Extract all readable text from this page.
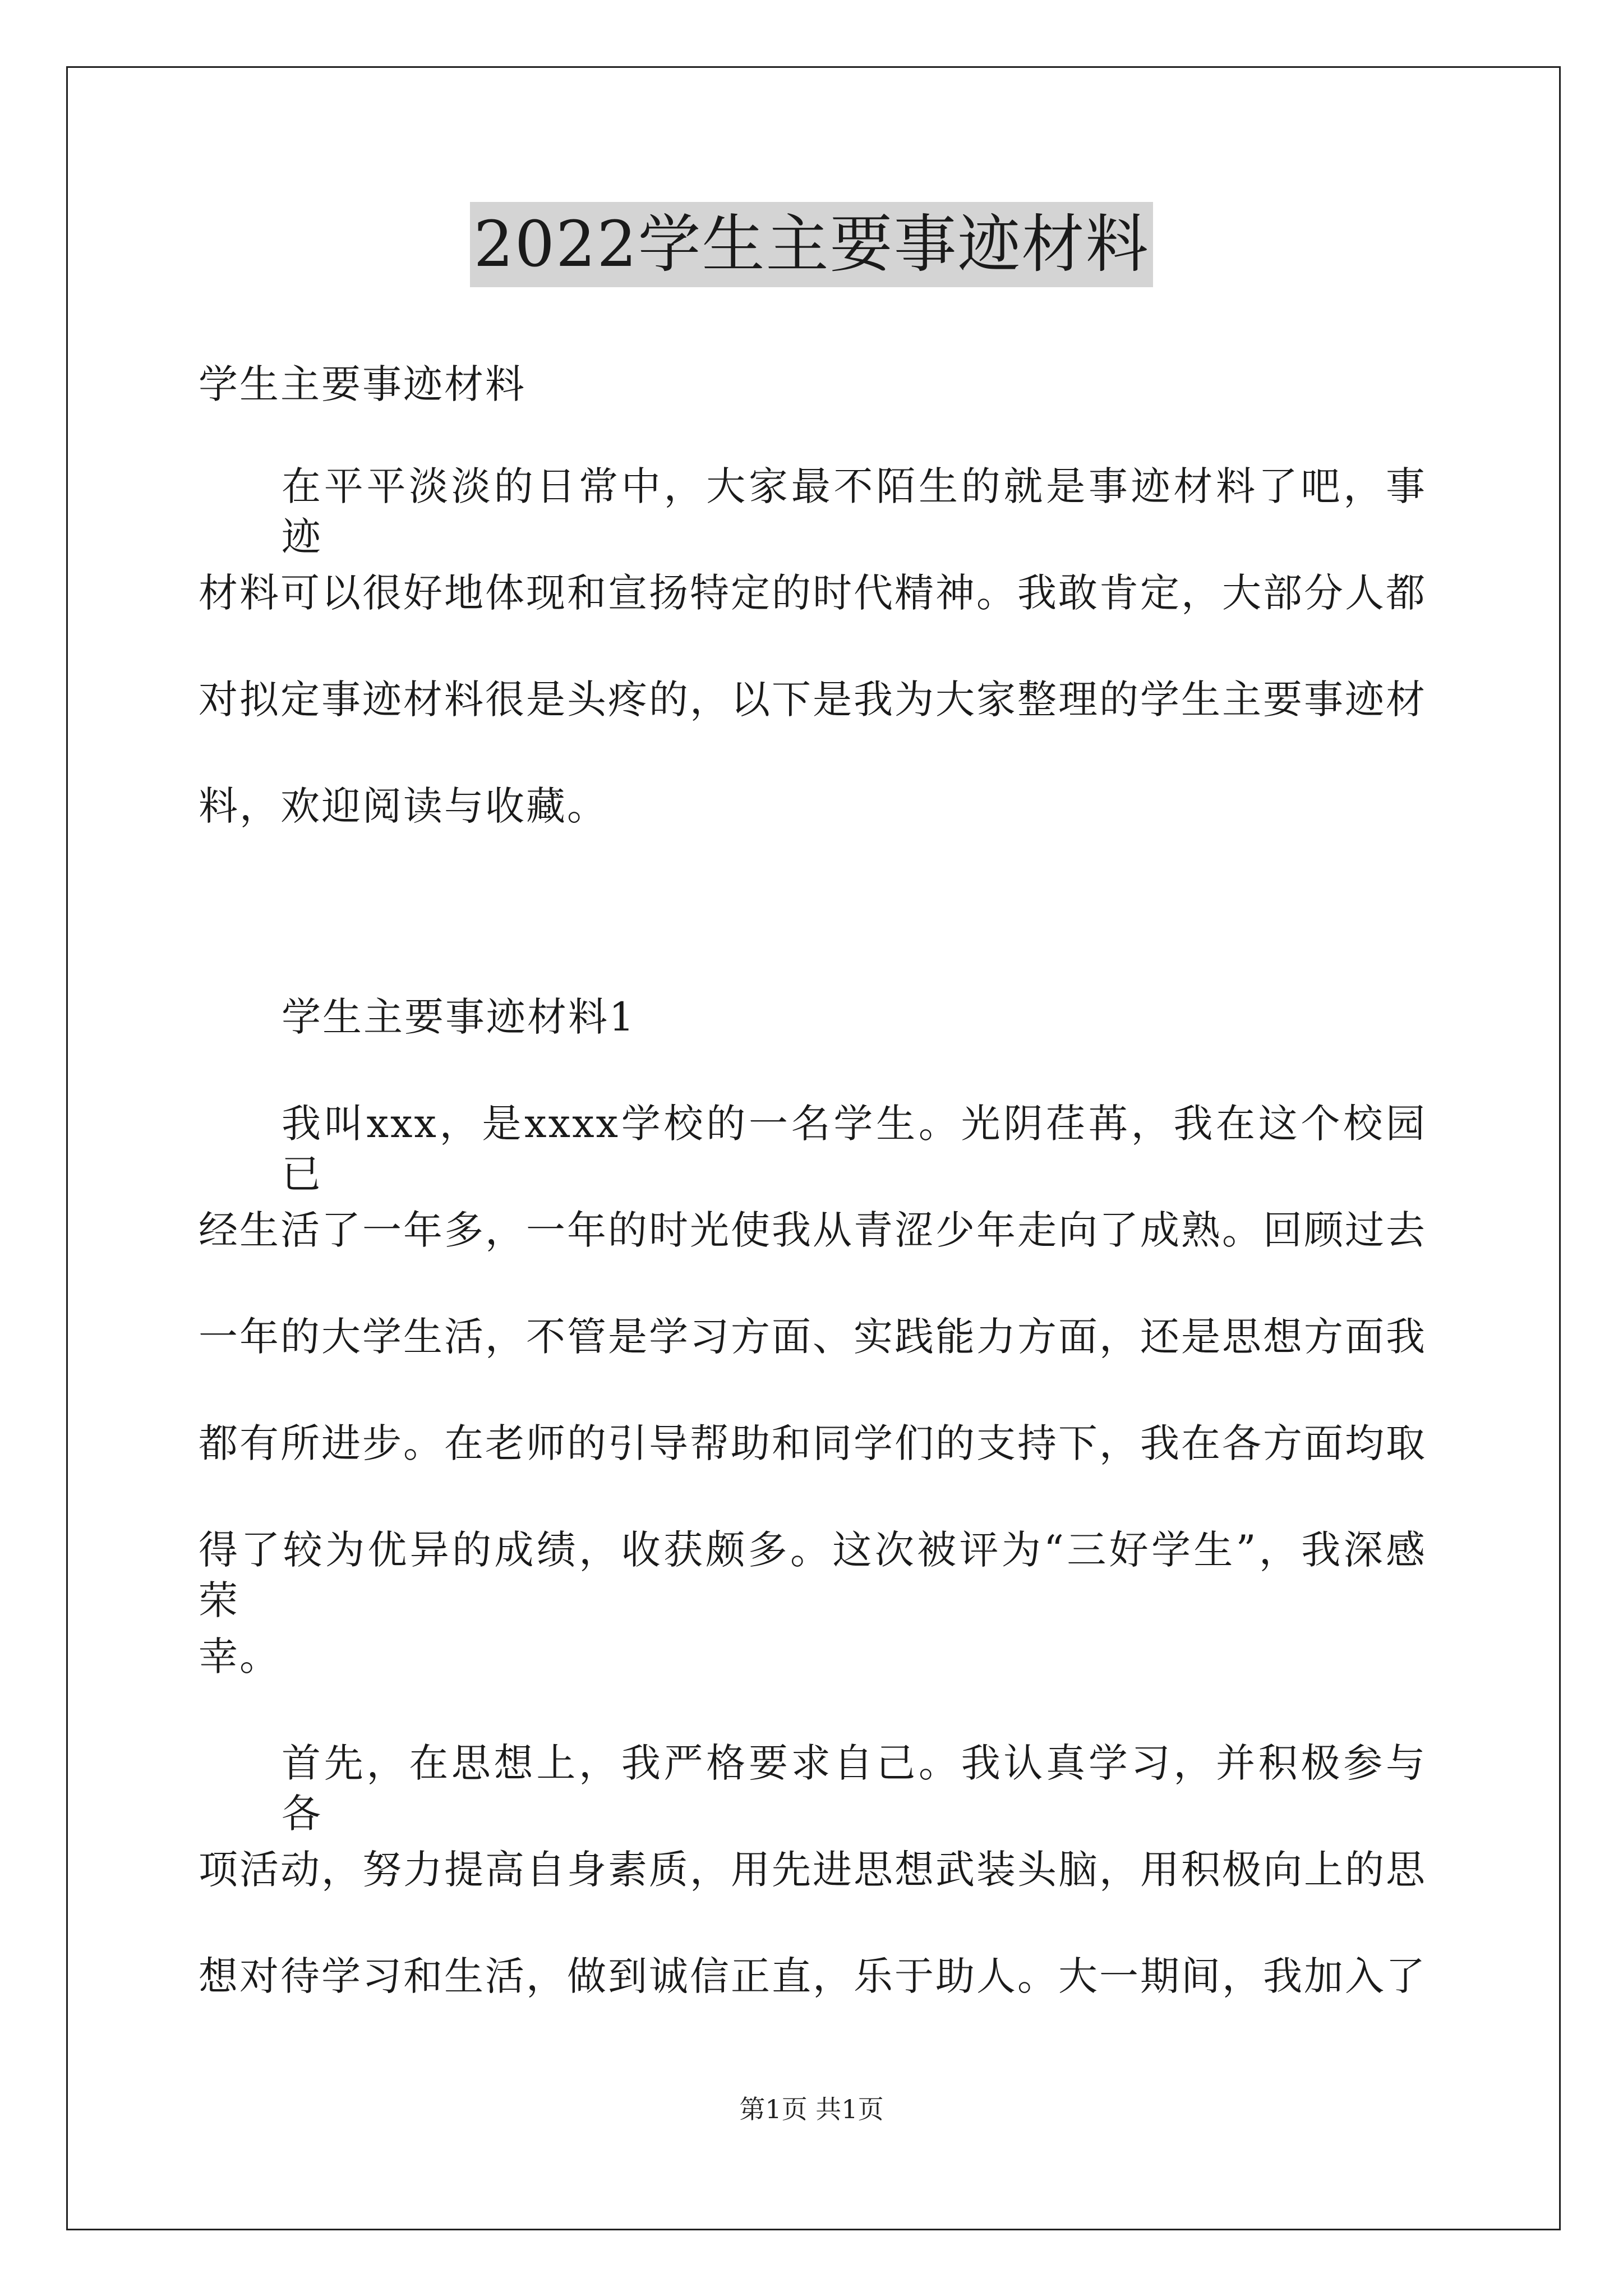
2022学生主要事迹材料
学生主要事迹材料
在平平淡淡的日常中，大家最不陌生的就是事迹材料了吧，事迹
材料可以很好地体现和宣扬特定的时代精神。我敢肯定，大部分人都
对拟定事迹材料很是头疼的，以下是我为大家整理的学生主要事迹材
料，欢迎阅读与收藏。
学生主要事迹材料1
我叫xxx，是xxxx学校的一名学生。光阴荏苒，我在这个校园已
经生活了一年多，一年的时光使我从青涩少年走向了成熟。回顾过去
一年的大学生活，不管是学习方面、实践能力方面，还是思想方面我
都有所进步。在老师的引导帮助和同学们的支持下，我在各方面均取
得了较为优异的成绩，收获颇多。这次被评为“三好学生”，我深感荣
幸。
首先，在思想上，我严格要求自己。我认真学习，并积极参与各
项活动，努力提高自身素质，用先进思想武装头脑，用积极向上的思
想对待学习和生活，做到诚信正直，乐于助人。大一期间，我加入了
第1页 共1页
